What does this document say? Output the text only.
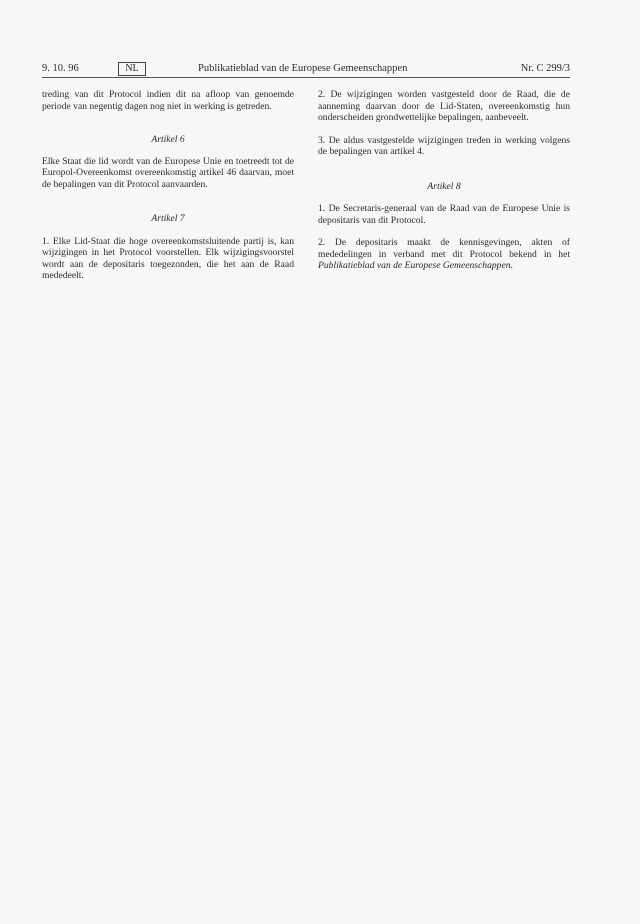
9. 10. 96	NL	Publikatieblad van de Europese Gemeenschappen	Nr. C 299/3

treding van dit Protocol indien dit na afloop van genoemde periode van negentig dagen nog niet in werking is getreden.

Artikel 6

Elke Staat die lid wordt van de Europese Unie en toetreedt tot de Europol-Overeenkomst overeenkomstig artikel 46 daarvan, moet de bepalingen van dit Protocol aanvaarden.

Artikel 7

1. Elke Lid-Staat die hoge overeenkomstsluitende partij is, kan wijzigingen in het Protocol voorstellen. Elk wijzigingsvoorstel wordt aan de depositaris toegezonden, die het aan de Raad mededeelt.

2. De wijzigingen worden vastgesteld door de Raad, die de aanneming daarvan door de Lid-Staten, overeenkomstig hun onderscheiden grondwettelijke bepalingen, aanbeveelt.

3. De aldus vastgestelde wijzigingen treden in werking volgens de bepalingen van artikel 4.

Artikel 8

1. De Secretaris-generaal van de Raad van de Europese Unie is depositaris van dit Protocol.

2. De depositaris maakt de kennisgevingen, akten of mededelingen in verband met dit Protocol bekend in het Publikatieblad van de Europese Gemeenschappen.
